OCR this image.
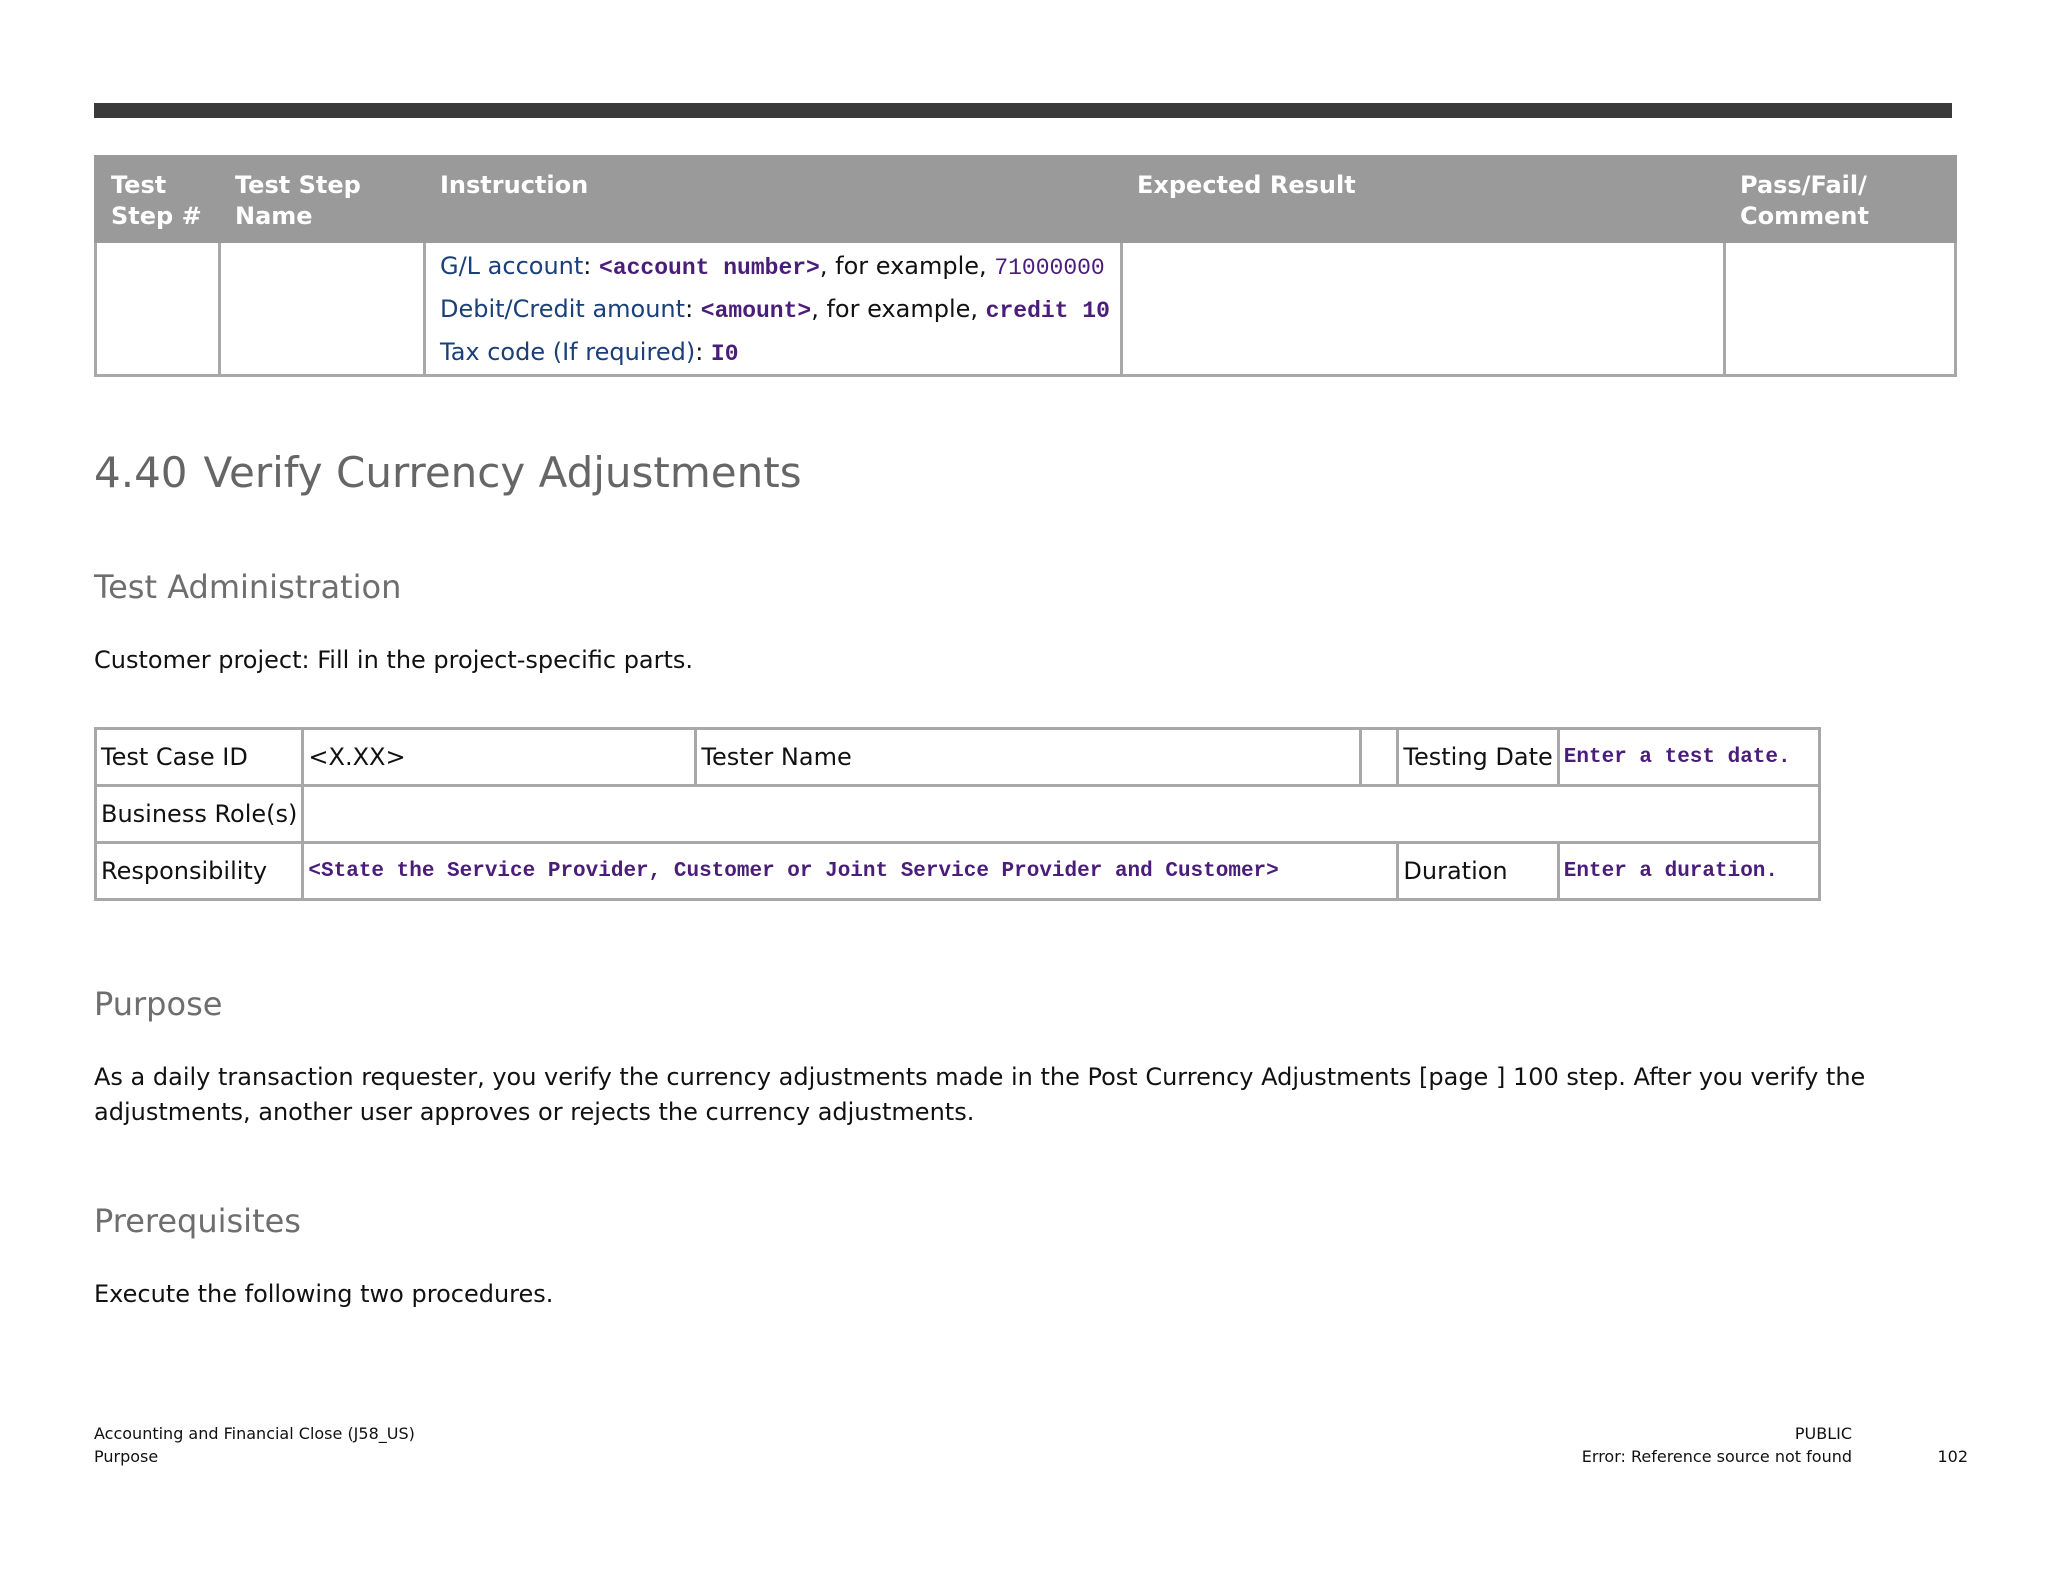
Test Step #	Test Step Name	Instruction	Expected Result	Pass/Fail/ Comment

		G/L account: <account number>, for example, 71000000
Debit/Credit amount: <amount>, for example, credit 10
Tax code (If required): I0		

4.40 Verify Currency Adjustments
Test Administration

Customer project: Fill in the project-specific parts.

Test Case ID	<X.XX>	Tester Name		Testing Date	Enter a test date.
Business Role(s)					
Responsibility	<State the Service Provider, Customer or Joint Service Provider and Customer>			Duration	Enter a duration.
Purpose

As a daily transaction requester, you verify the currency adjustments made in the Post Currency Adjustments [page ] 100 step. After you verify the adjustments, another user approves or rejects the currency adjustments.

Prerequisites

Execute the following two procedures.

Accounting and Financial Close (J58_US)
Purpose
PUBLIC
Error: Reference source not found	102
